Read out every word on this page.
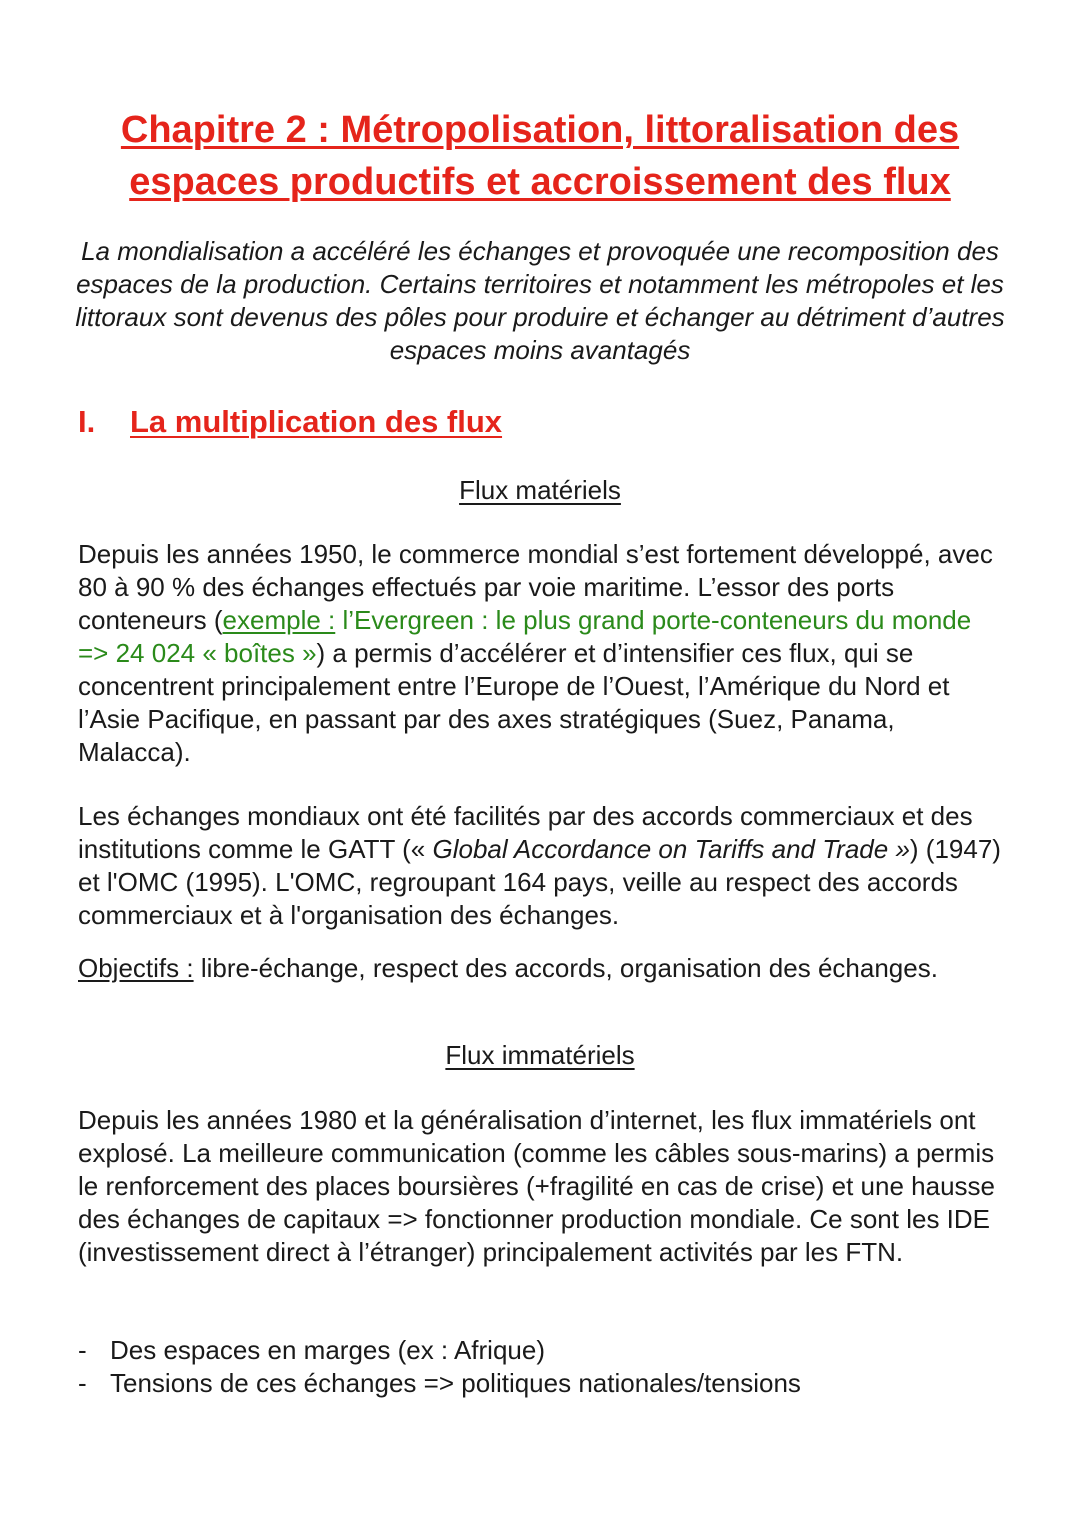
Chapitre 2 : Métropolisation, littoralisation des
espaces productifs et accroissement des flux

La mondialisation a accéléré les échanges et provoquée une recomposition des espaces de la production. Certains territoires et notamment les métropoles et les littoraux sont devenus des pôles pour produire et échanger au détriment d’autres espaces moins avantagés

I. La multiplication des flux
Flux matériels

Depuis les années 1950, le commerce mondial s’est fortement développé, avec 80 à 90 % des échanges effectués par voie maritime. L’essor des ports conteneurs (exemple : l’Evergreen : le plus grand porte-conteneurs du monde => 24 024 « boîtes ») a permis d’accélérer et d’intensifier ces flux, qui se concentrent principalement entre l’Europe de l’Ouest, l’Amérique du Nord et l’Asie Pacifique, en passant par des axes stratégiques (Suez, Panama, Malacca).

Les échanges mondiaux ont été facilités par des accords commerciaux et des institutions comme le GATT (« Global Accordance on Tariffs and Trade ») (1947) et l'OMC (1995). L'OMC, regroupant 164 pays, veille au respect des accords commerciaux et à l'organisation des échanges.

Objectifs : libre-échange, respect des accords, organisation des échanges.

Flux immatériels

Depuis les années 1980 et la généralisation d’internet, les flux immatériels ont explosé. La meilleure communication (comme les câbles sous-marins) a permis le renforcement des places boursières (+fragilité en cas de crise) et une hausse des échanges de capitaux => fonctionner production mondiale. Ce sont les IDE (investissement direct à l’étranger) principalement activités par les FTN.

- Des espaces en marges (ex : Afrique)
- Tensions de ces échanges => politiques nationales/tensions
